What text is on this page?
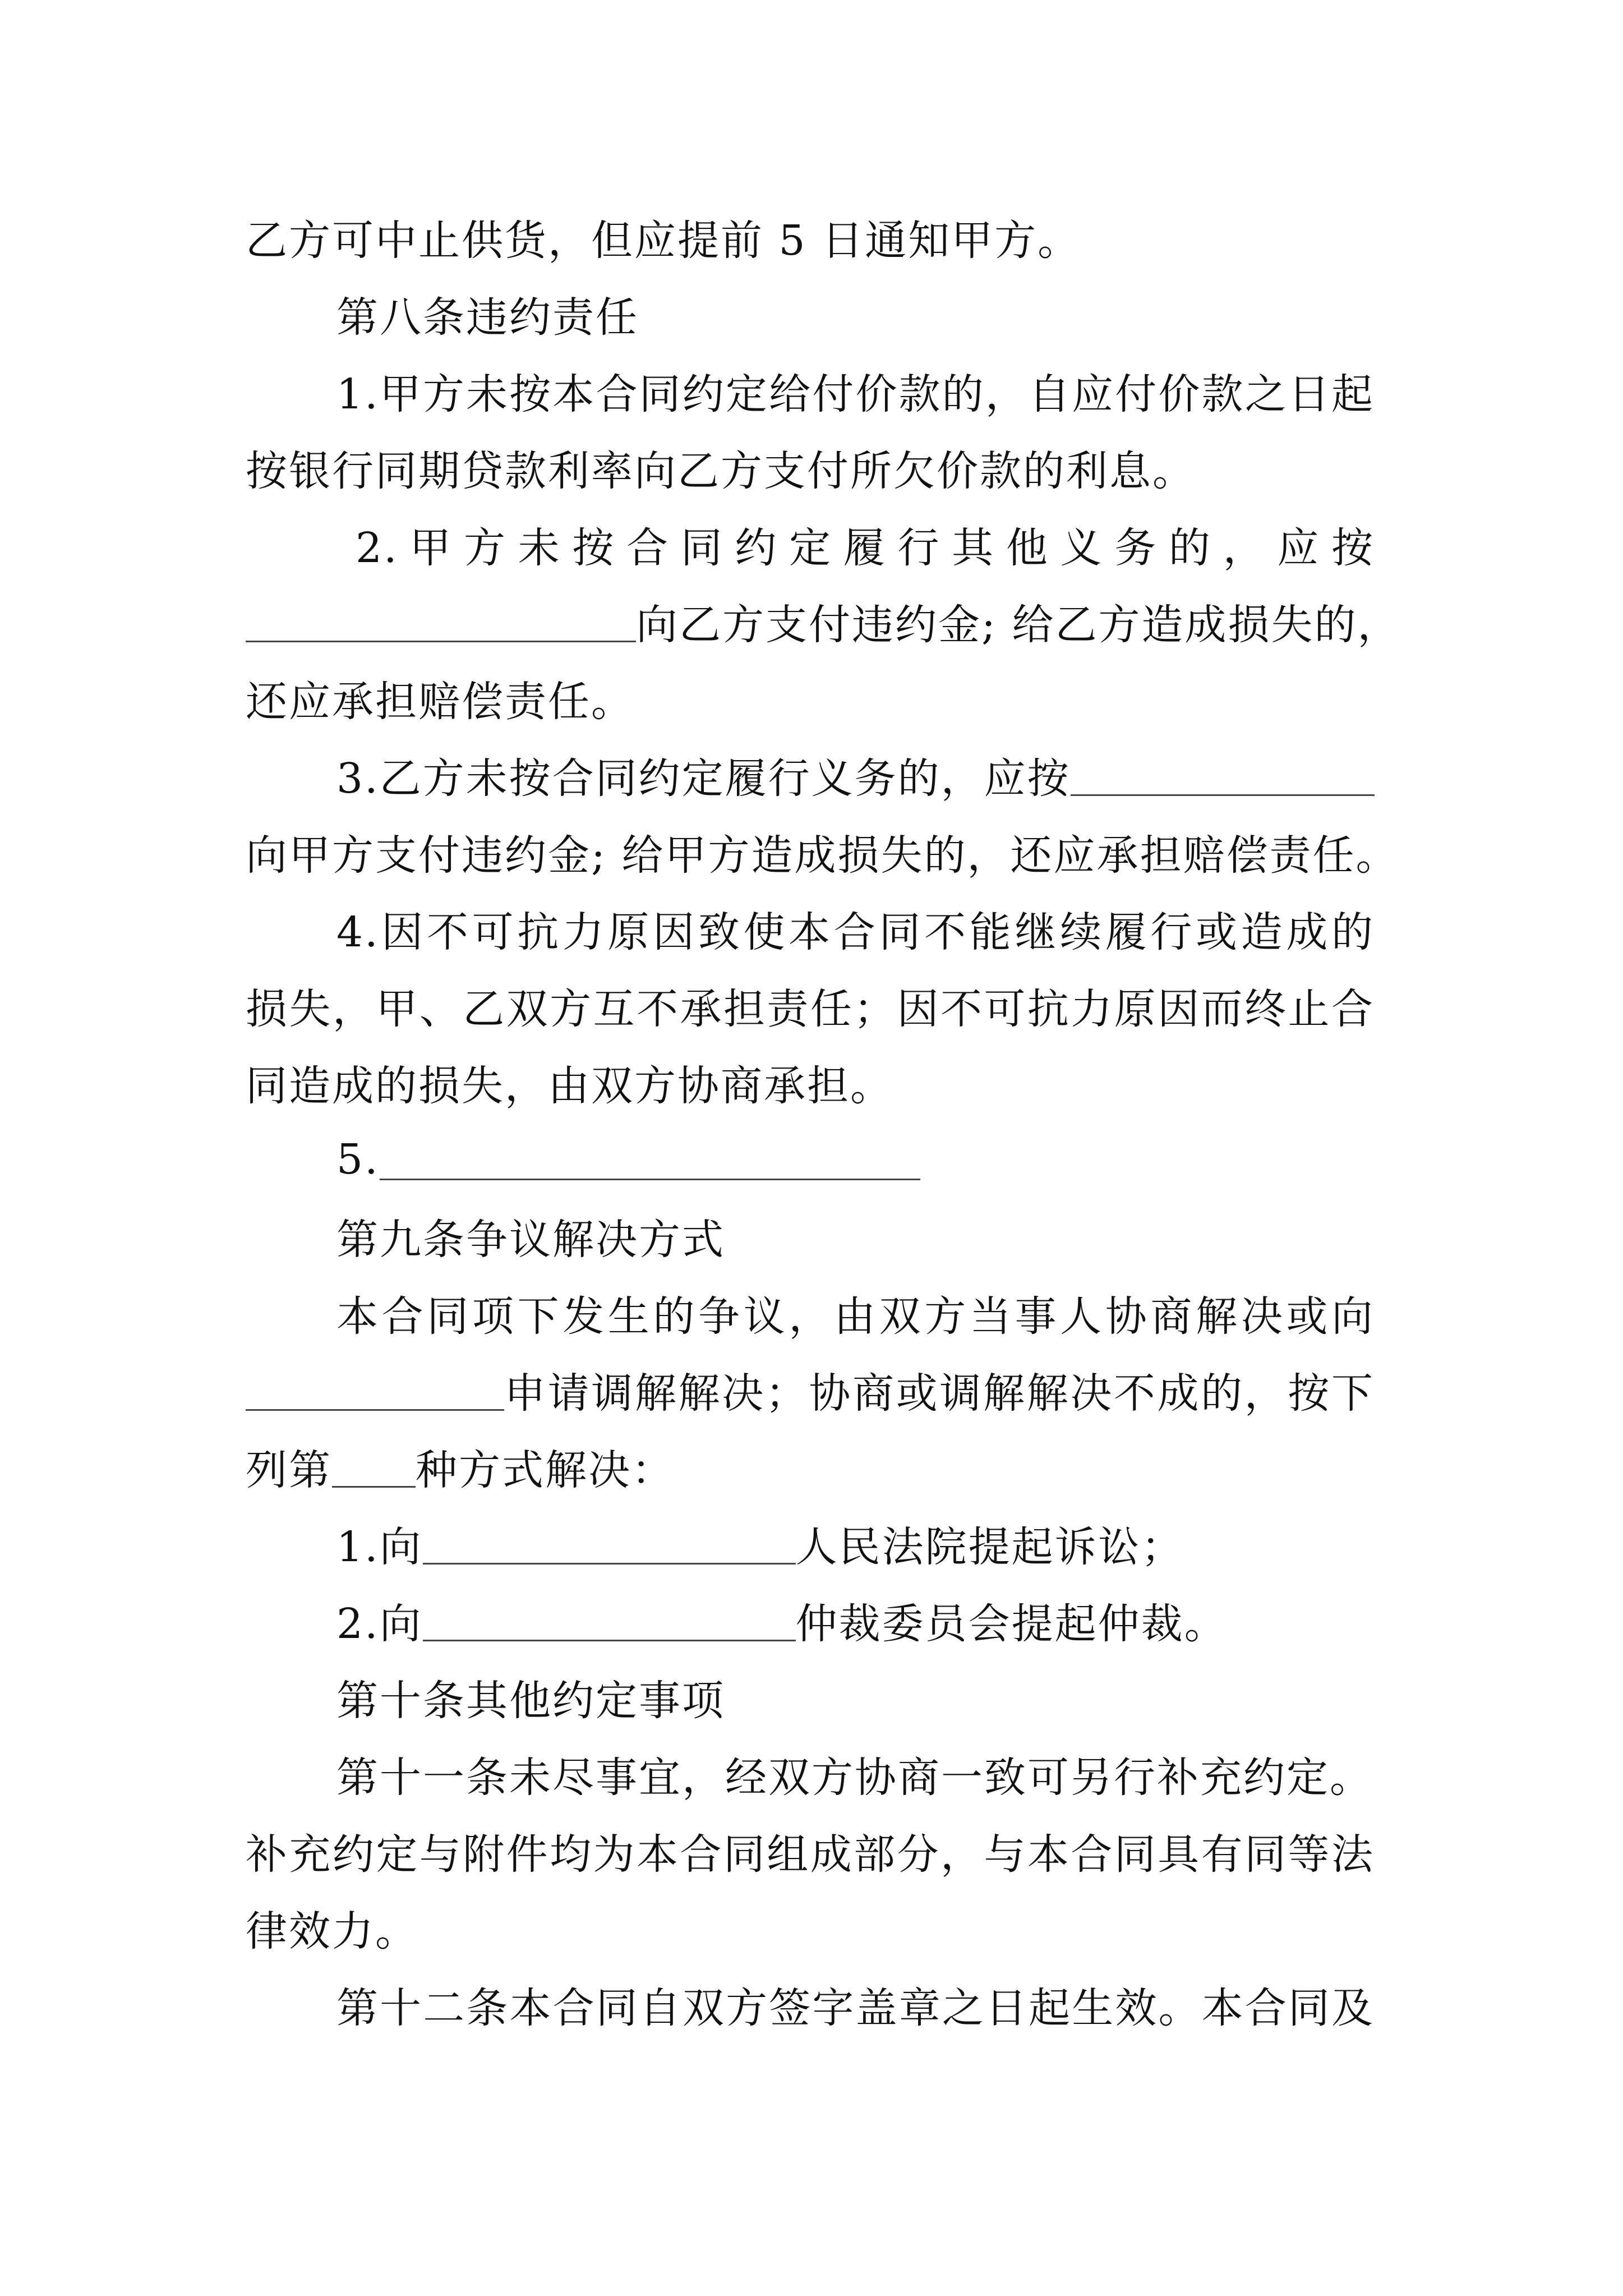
乙方可中止供货，但应提前 5 日通知甲方。
第八条违约责任
1.甲方未按本合同约定给付价款的，自应付价款之日起
按银行同期贷款利率向乙方支付所欠价款的利息。
2.甲方未按合同约定履行其他义务的，应按
向乙方支付违约金; 给乙方造成损失的，
还应承担赔偿责任。
3.乙方未按合同约定履行义务的，应按
向甲方支付违约金; 给甲方造成损失的，还应承担赔偿责任。
4.因不可抗力原因致使本合同不能继续履行或造成的
损失，甲、乙双方互不承担责任；因不可抗力原因而终止合
同造成的损失，由双方协商承担。
5.
第九条争议解决方式
本合同项下发生的争议，由双方当事人协商解决或向
申请调解解决；协商或调解解决不成的，按下
列第 种方式解决：
1.向	人民法院提起诉讼；
2.向	仲裁委员会提起仲裁。
第十条其他约定事项
第十一条未尽事宜，经双方协商一致可另行补充约定。
补充约定与附件均为本合同组成部分，与本合同具有同等法
律效力。
第十二条本合同自双方签字盖章之日起生效。本合同及
